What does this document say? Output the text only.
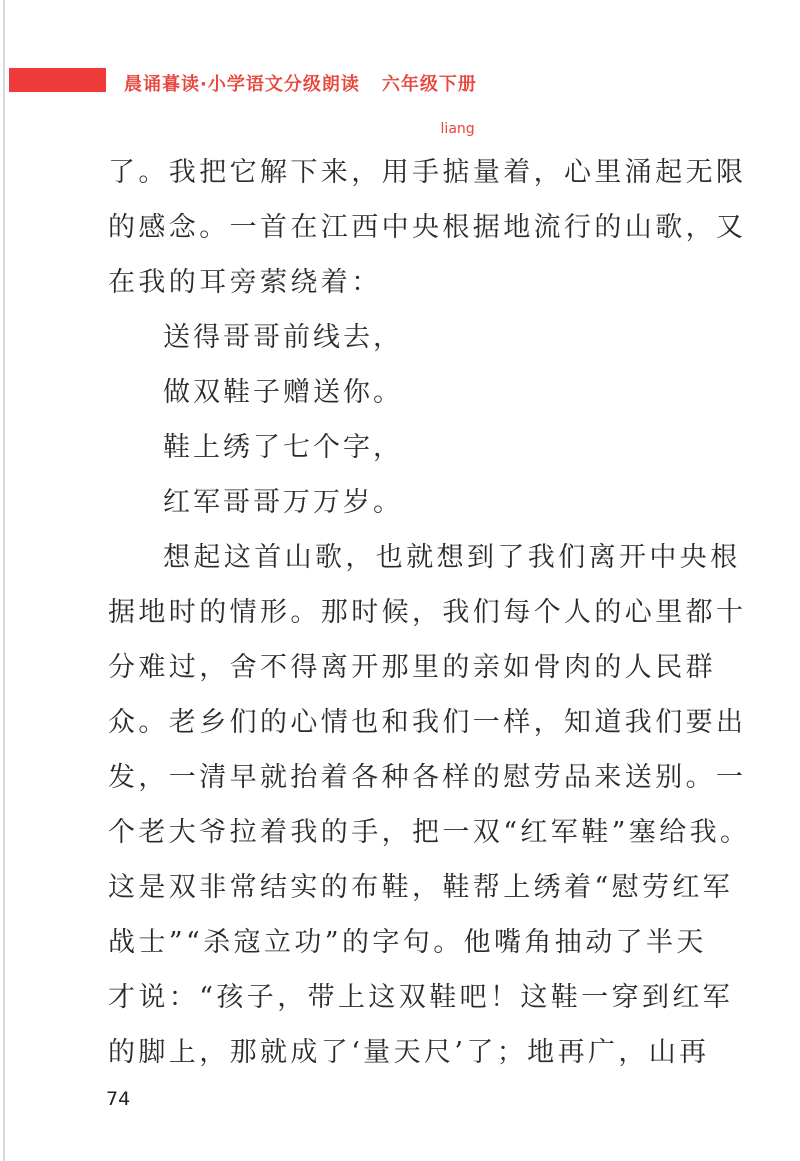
晨诵暮读·小学语文分级朗读 六年级下册
了。我把它解下来，用手
liang
掂量着，心里涌起无限
的感念。一首在江西中央根据地流行的山歌，又
在我的耳旁萦绕着：
送得哥哥前线去，
做双鞋子赠送你。
鞋上绣了七个字，
红军哥哥万万岁。
想起这首山歌，也就想到了我们离开中央根
据地时的情形。那时候，我们每个人的心里都十
分难过，舍不得离开那里的亲如骨肉的人民群
众。老乡们的心情也和我们一样，知道我们要出
发，一清早就抬着各种各样的慰劳品来送别。一
个老大爷拉着我的手，把一双“红军鞋”塞给我。
这是双非常结实的布鞋，鞋帮上绣着“慰劳红军
战士”“杀寇立功”的字句。他嘴角抽动了半天
才说：“孩子，带上这双鞋吧！这鞋一穿到红军
的脚上，那就成了‘量天尺’了；地再广，山再
74
